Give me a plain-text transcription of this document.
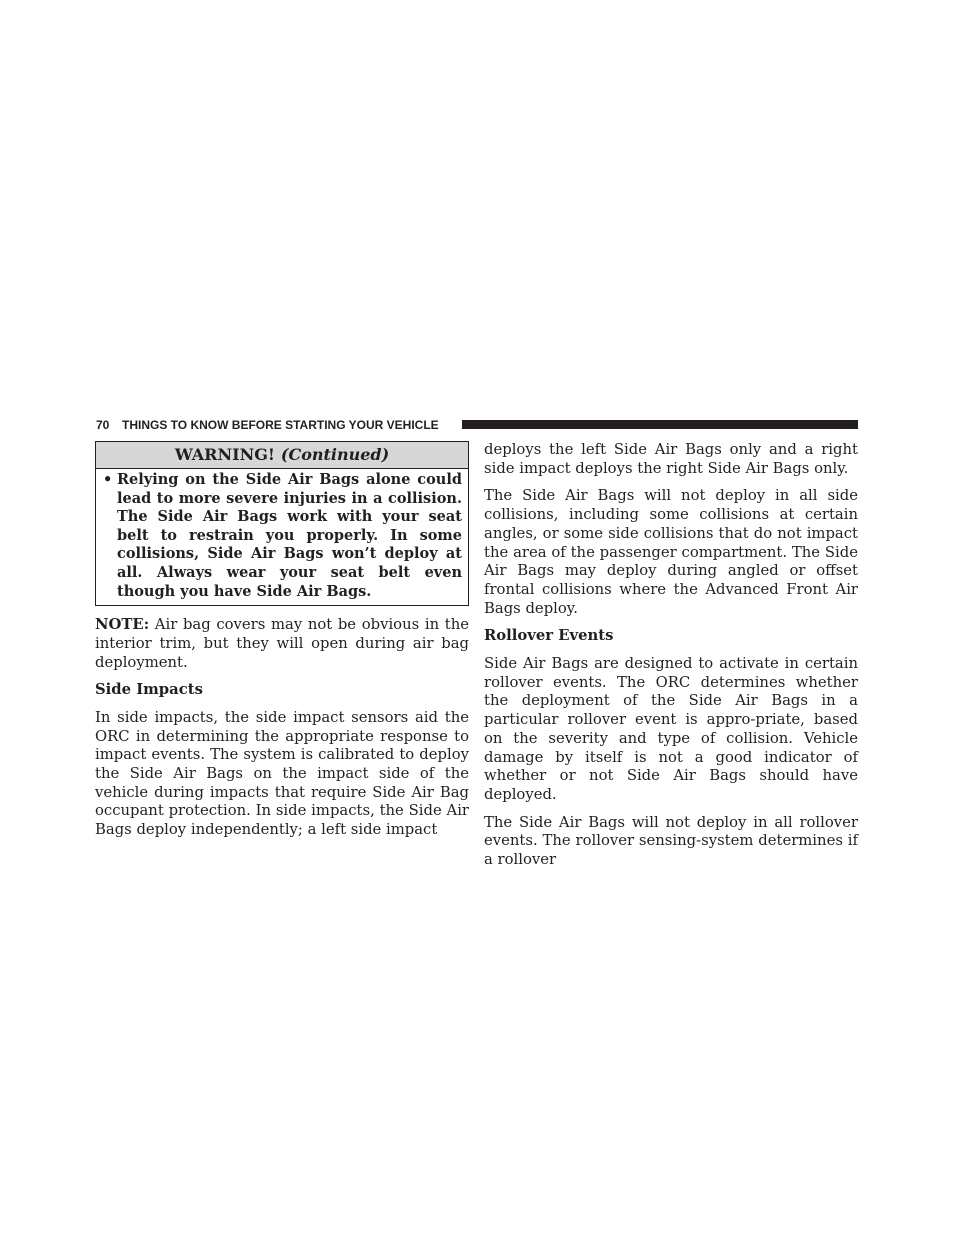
70 THINGS TO KNOW BEFORE STARTING YOUR VEHICLE
WARNING! (Continued)
• Relying on the Side Air Bags alone could lead to more severe injuries in a collision. The Side Air Bags work with your seat belt to restrain you properly. In some collisions, Side Air Bags won’t deploy at all. Always wear your seat belt even though you have Side Air Bags.

NOTE: Air bag covers may not be obvious in the interior trim, but they will open during air bag deployment.

Side Impacts

In side impacts, the side impact sensors aid the ORC in determining the appropriate response to impact events. The system is calibrated to deploy the Side Air Bags on the impact side of the vehicle during impacts that require Side Air Bag occupant protection. In side impacts, the Side Air Bags deploy independently; a left side impact

deploys the left Side Air Bags only and a right side impact deploys the right Side Air Bags only.

The Side Air Bags will not deploy in all side collisions, including some collisions at certain angles, or some side collisions that do not impact the area of the passenger compartment. The Side Air Bags may deploy during angled or offset frontal collisions where the Advanced Front Air Bags deploy.

Rollover Events

Side Air Bags are designed to activate in certain rollover events. The ORC determines whether the deployment of the Side Air Bags in a particular rollover event is appro-priate, based on the severity and type of collision. Vehicle damage by itself is not a good indicator of whether or not Side Air Bags should have deployed.

The Side Air Bags will not deploy in all rollover events. The rollover sensing-system determines if a rollover
